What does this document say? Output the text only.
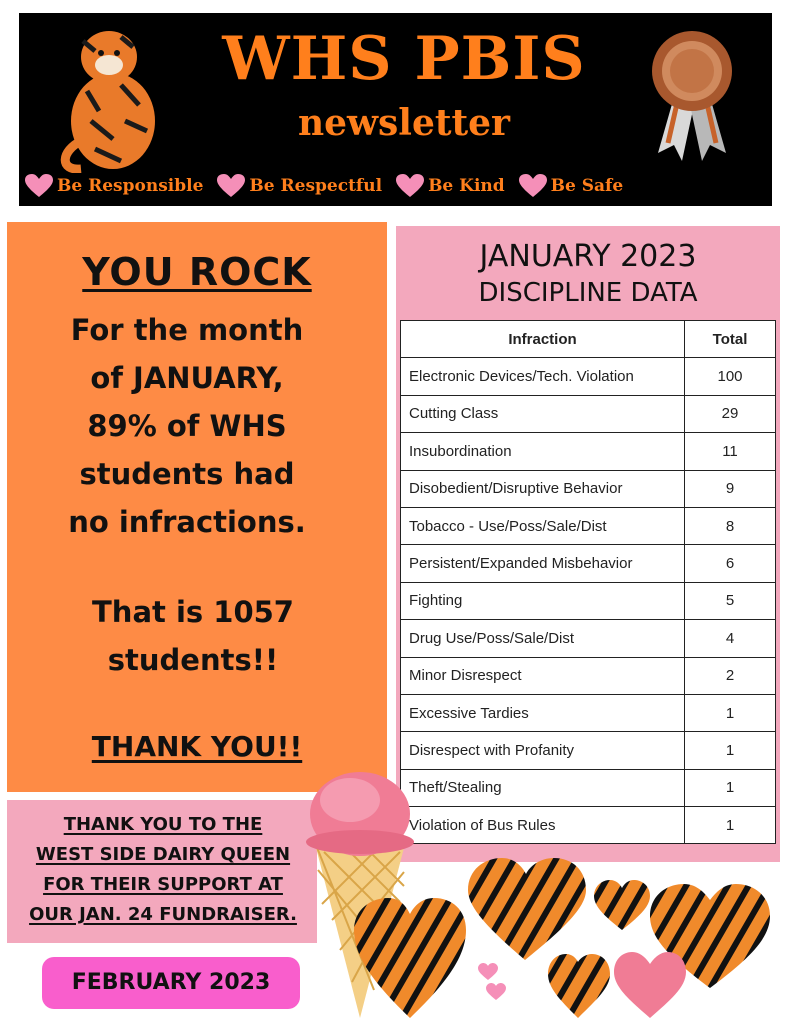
WHS PBIS
newsletter
Be Responsible	Be Respectful	Be Kind	Be Safe
YOU ROCK
For the month
of JANUARY,
89% of WHS
students had
no infractions.
That is 1057
students!!
THANK YOU!!
THANK YOU TO THE
WEST SIDE DAIRY QUEEN
FOR THEIR SUPPORT AT
OUR JAN. 24 FUNDRAISER.
FEBRUARY 2023
JANUARY 2023
DISCIPLINE DATA
Infraction	Total
Electronic Devices/Tech. Violation	100
Cutting Class	29
Insubordination	11
Disobedient/Disruptive Behavior	9
Tobacco - Use/Poss/Sale/Dist	8
Persistent/Expanded Misbehavior	6
Fighting	5
Drug Use/Poss/Sale/Dist	4
Minor Disrespect	2
Excessive Tardies	1
Disrespect with Profanity	1
Theft/Stealing	1
Violation of Bus Rules	1
